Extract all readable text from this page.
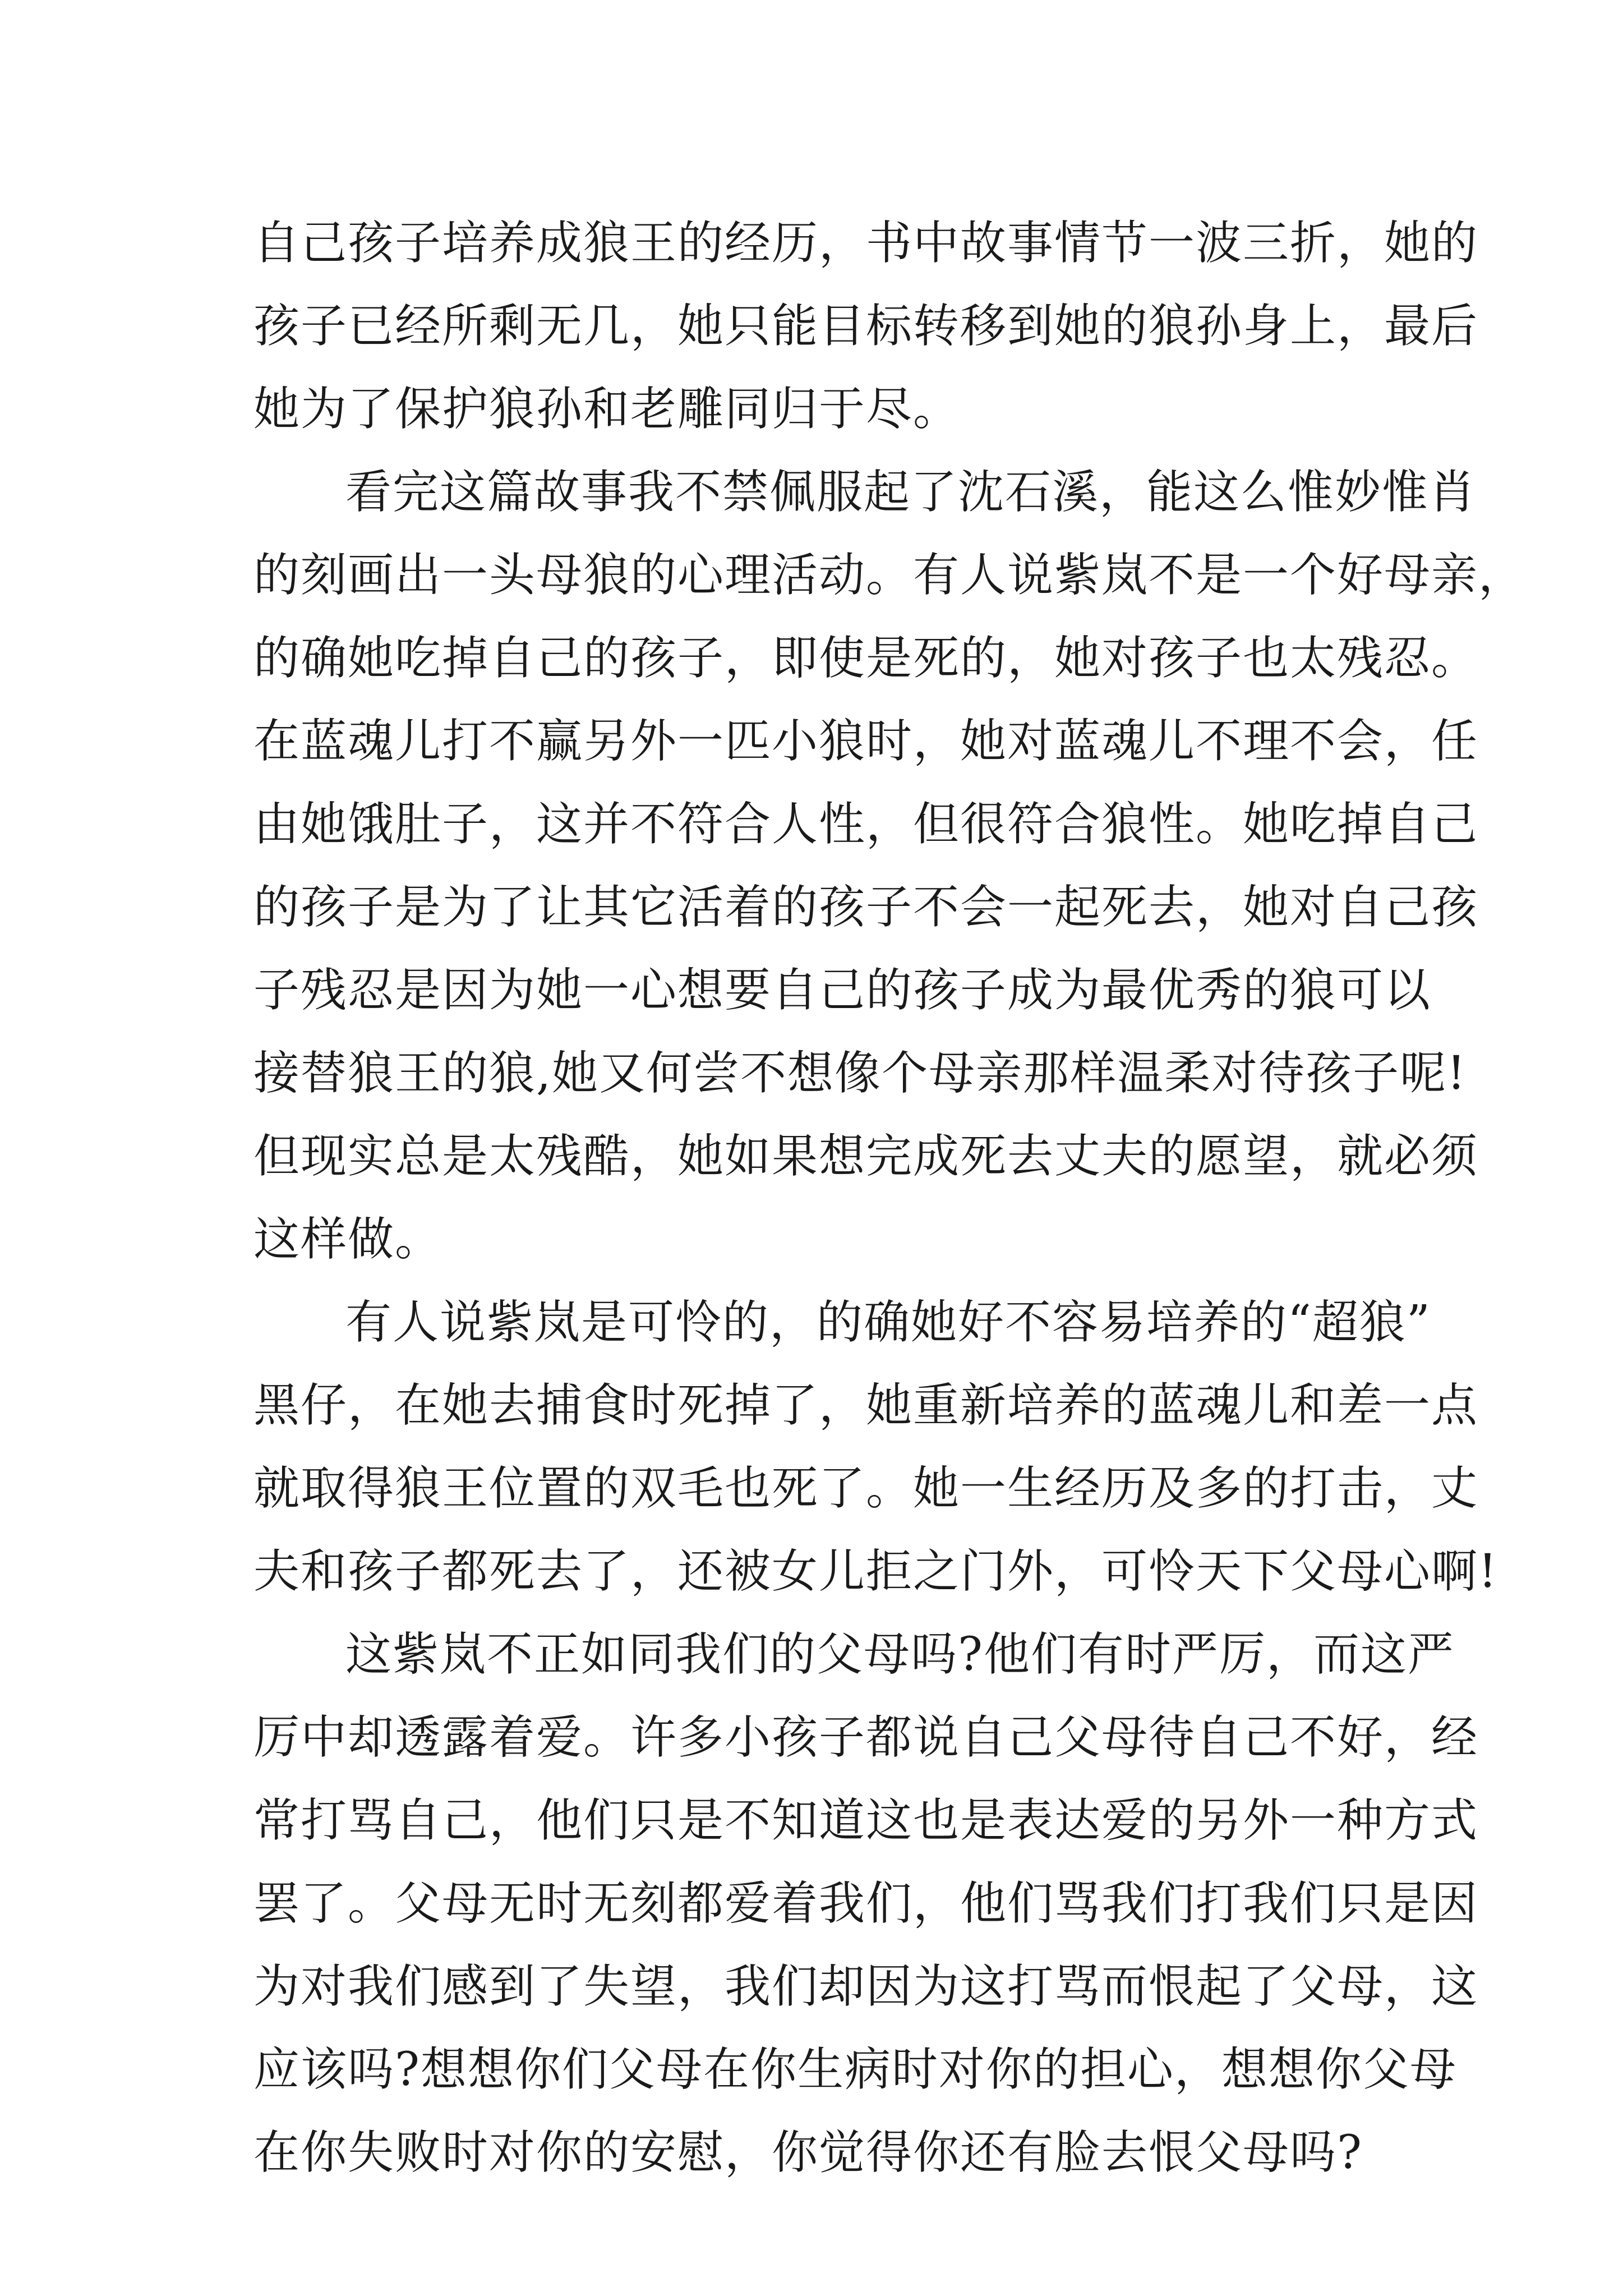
自己孩子培养成狼王的经历，书中故事情节一波三折，她的
孩子已经所剩无几，她只能目标转移到她的狼孙身上，最后
她为了保护狼孙和老雕同归于尽。
看完这篇故事我不禁佩服起了沈石溪，能这么惟妙惟肖
的刻画出一头母狼的心理活动。有人说紫岚不是一个好母亲，
的确她吃掉自己的孩子，即使是死的，她对孩子也太残忍。
在蓝魂儿打不赢另外一匹小狼时，她对蓝魂儿不理不会，任
由她饿肚子，这并不符合人性，但很符合狼性。她吃掉自己
的孩子是为了让其它活着的孩子不会一起死去，她对自己孩
子残忍是因为她一心想要自己的孩子成为最优秀的狼可以
接替狼王的狼,她又何尝不想像个母亲那样温柔对待孩子呢!
但现实总是太残酷，她如果想完成死去丈夫的愿望，就必须
这样做。
有人说紫岚是可怜的，的确她好不容易培养的“超狼”
黑仔，在她去捕食时死掉了，她重新培养的蓝魂儿和差一点
就取得狼王位置的双毛也死了。她一生经历及多的打击，丈
夫和孩子都死去了，还被女儿拒之门外，可怜天下父母心啊!
这紫岚不正如同我们的父母吗?他们有时严厉，而这严
厉中却透露着爱。许多小孩子都说自己父母待自己不好，经
常打骂自己，他们只是不知道这也是表达爱的另外一种方式
罢了。父母无时无刻都爱着我们，他们骂我们打我们只是因
为对我们感到了失望，我们却因为这打骂而恨起了父母，这
应该吗?想想你们父母在你生病时对你的担心，想想你父母
在你失败时对你的安慰，你觉得你还有脸去恨父母吗?
